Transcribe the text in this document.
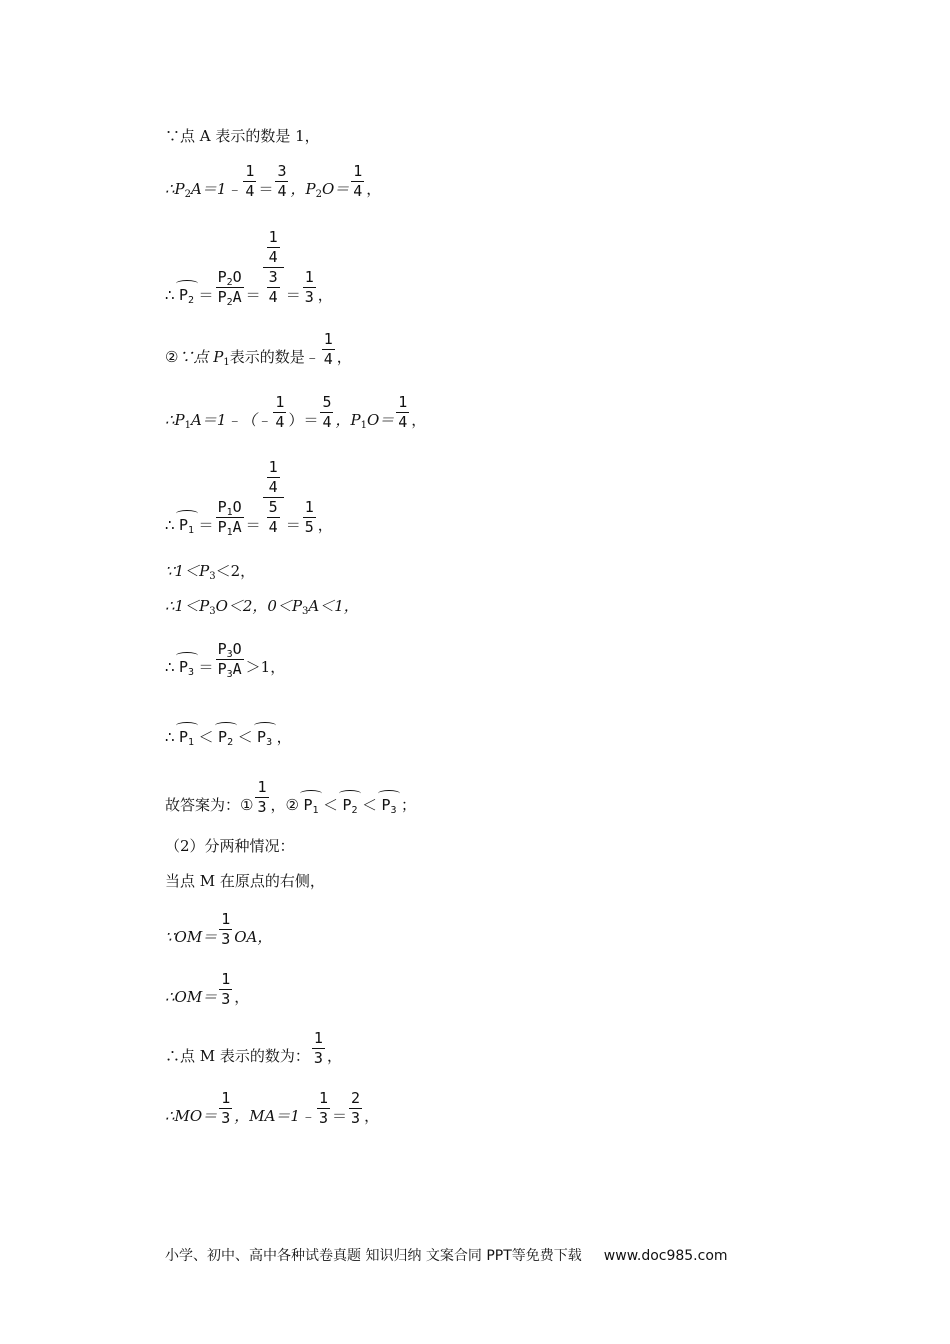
∵点 A 表示的数是 1，
∴P 2 A＝1﹣ $\frac{1}{4} = \frac{3}{4}$ ，P 2 $O= \frac{1}{4}$ ，
∴ $P_2 = \frac{P_2O}{P_2A} = \frac{\frac{1}{4}}{\frac{3}{4}} = \frac{1}{3}$ ，
② ∵点 P 1 表示的数是﹣ $\frac{1}{4}$ ，
∴P 1 A＝1﹣（﹣ $\frac{1}{4}$ ）＝ $\frac{5}{4}$ ，P 1 $O= \frac{1}{4}$ ，
∴ $P_1 = \frac{P_1O}{P_1A} = \frac{\frac{1}{4}}{\frac{5}{4}} = \frac{1}{5}$ ，
∵1＜P 3 ＜2，
∴1＜P 3 O＜2，0＜P 3 A＜1，
∴ $P_3 = \frac{P_3O}{P_3A} >1$，
∴ $P_1 < P_2 < P_3$ ，
故答案为： ① $\frac{1}{3}$ ， ② $P_1 < P_2 < P_3$ ；
（2）分两种情况：
当点 M 在原点的右侧，
∵OM＝ $\frac{1}{3}$ OA，
∴OM＝ $\frac{1}{3}$ ，
∴点 M 表示的数为： $\frac{1}{3}$ ，
∴MO＝ $\frac{1}{3}$ ，MA＝1﹣ $\frac{1}{3} = \frac{2}{3}$ ，
小学、初中、高中各种试卷真题 知识归纳 文案合同 PPT等免费下载 www.doc985.com
